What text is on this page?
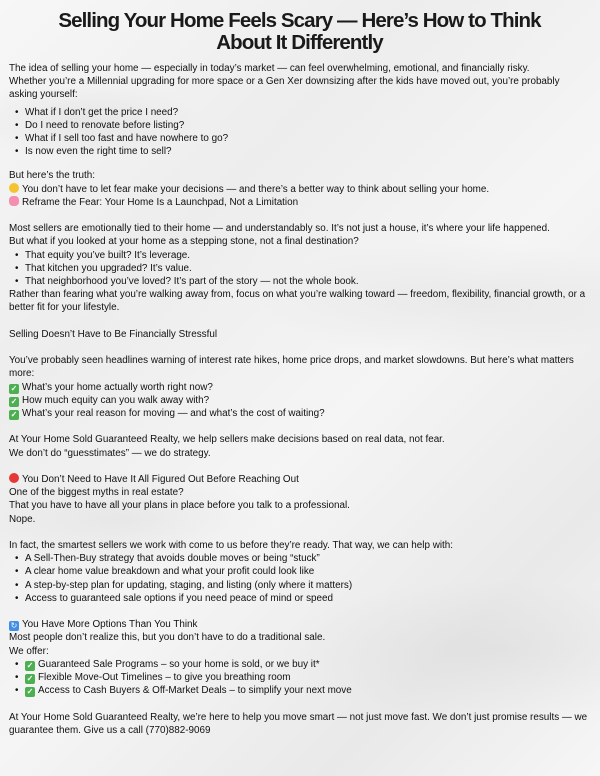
Selling Your Home Feels Scary — Here’s How to Think About It Differently

The idea of selling your home — especially in today’s market — can feel overwhelming, emotional, and financially risky.
Whether you’re a Millennial upgrading for more space or a Gen Xer downsizing after the kids have moved out, you’re probably asking yourself:

• What if I don’t get the price I need?
• Do I need to renovate before listing?
• What if I sell too fast and have nowhere to go?
• Is now even the right time to sell?

But here’s the truth:

You don’t have to let fear make your decisions — and there’s a better way to think about selling your home.

Reframe the Fear: Your Home Is a Launchpad, Not a Limitation

Most sellers are emotionally tied to their home — and understandably so. It’s not just a house, it’s where your life happened.

But what if you looked at your home as a stepping stone, not a final destination?

• That equity you’ve built? It’s leverage.
• That kitchen you upgraded? It’s value.
• That neighborhood you’ve loved? It’s part of the story — not the whole book.

Rather than fearing what you’re walking away from, focus on what you’re walking toward — freedom, flexibility, financial growth, or a better fit for your lifestyle.

Selling Doesn’t Have to Be Financially Stressful

You’ve probably seen headlines warning of interest rate hikes, home price drops, and market slowdowns. But here’s what matters more:

✓ What’s your home actually worth right now?

✓ How much equity can you walk away with?

✓ What’s your real reason for moving — and what’s the cost of waiting?

At Your Home Sold Guaranteed Realty, we help sellers make decisions based on real data, not fear.
We don’t do “guesstimates” — we do strategy.

You Don’t Need to Have It All Figured Out Before Reaching Out

One of the biggest myths in real estate?

That you have to have all your plans in place before you talk to a professional.

Nope.

In fact, the smartest sellers we work with come to us before they’re ready. That way, we can help with:

• A Sell-Then-Buy strategy that avoids double moves or being “stuck”
• A clear home value breakdown and what your profit could look like
• A step-by-step plan for updating, staging, and listing (only where it matters)
• Access to guaranteed sale options if you need peace of mind or speed

↻ You Have More Options Than You Think

Most people don’t realize this, but you don’t have to do a traditional sale.

We offer:

• ✓ Guaranteed Sale Programs – so your home is sold, or we buy it*
• ✓ Flexible Move-Out Timelines – to give you breathing room
• ✓ Access to Cash Buyers & Off-Market Deals – to simplify your next move

At Your Home Sold Guaranteed Realty, we’re here to help you move smart — not just move fast. We don’t just promise results — we guarantee them. Give us a call (770)882-9069
